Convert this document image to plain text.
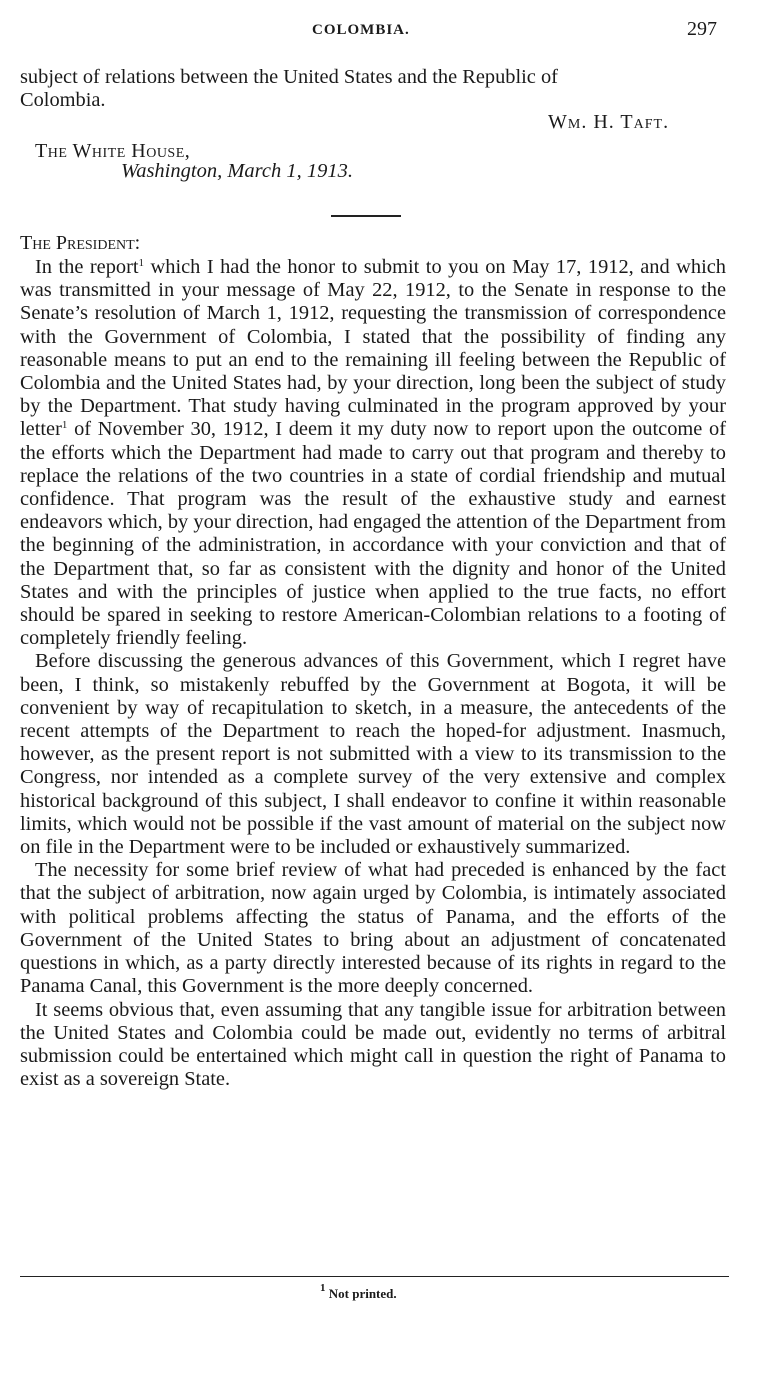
COLOMBIA.	297
subject of relations between the United States and the Republic of
Colombia.
Wm. H. Taft.
The White House,
Washington, March 1, 1913.
The President:

In the report$^1$ which I had the honor to submit to you on May 17, 1912, and which was transmitted in your message of May 22, 1912, to the Senate in response to the Senate’s resolution of March 1, 1912, requesting the transmission of correspondence with the Government of Colombia, I stated that the possibility of finding any reasonable means to put an end to the remaining ill feeling between the Republic of Colombia and the United States had, by your direction, long been the subject of study by the Department. That study having culminated in the program approved by your letter$^1$ of November 30, 1912, I deem it my duty now to report upon the outcome of the efforts which the Department had made to carry out that program and thereby to replace the relations of the two countries in a state of cordial friendship and mutual confidence. That program was the result of the exhaustive study and earnest endeavors which, by your direction, had engaged the attention of the Department from the beginning of the administration, in accordance with your conviction and that of the Department that, so far as consistent with the dignity and honor of the United States and with the principles of justice when applied to the true facts, no effort should be spared in seeking to restore American-Colombian relations to a footing of completely friendly feeling.

Before discussing the generous advances of this Government, which I regret have been, I think, so mistakenly rebuffed by the Government at Bogota, it will be convenient by way of recapitulation to sketch, in a measure, the antecedents of the recent attempts of the Department to reach the hoped-for adjustment. Inasmuch, however, as the present report is not submitted with a view to its transmission to the Congress, nor intended as a complete survey of the very extensive and complex historical background of this subject, I shall endeavor to confine it within reasonable limits, which would not be possible if the vast amount of material on the subject now on file in the Department were to be included or exhaustively summarized.

The necessity for some brief review of what had preceded is enhanced by the fact that the subject of arbitration, now again urged by Colombia, is intimately associated with political problems affecting the status of Panama, and the efforts of the Government of the United States to bring about an adjustment of concatenated questions in which, as a party directly interested because of its rights in regard to the Panama Canal, this Government is the more deeply concerned.

It seems obvious that, even assuming that any tangible issue for arbitration between the United States and Colombia could be made out, evidently no terms of arbitral submission could be entertained which might call in question the right of Panama to exist as a sovereign State.

$^1$ Not printed.
